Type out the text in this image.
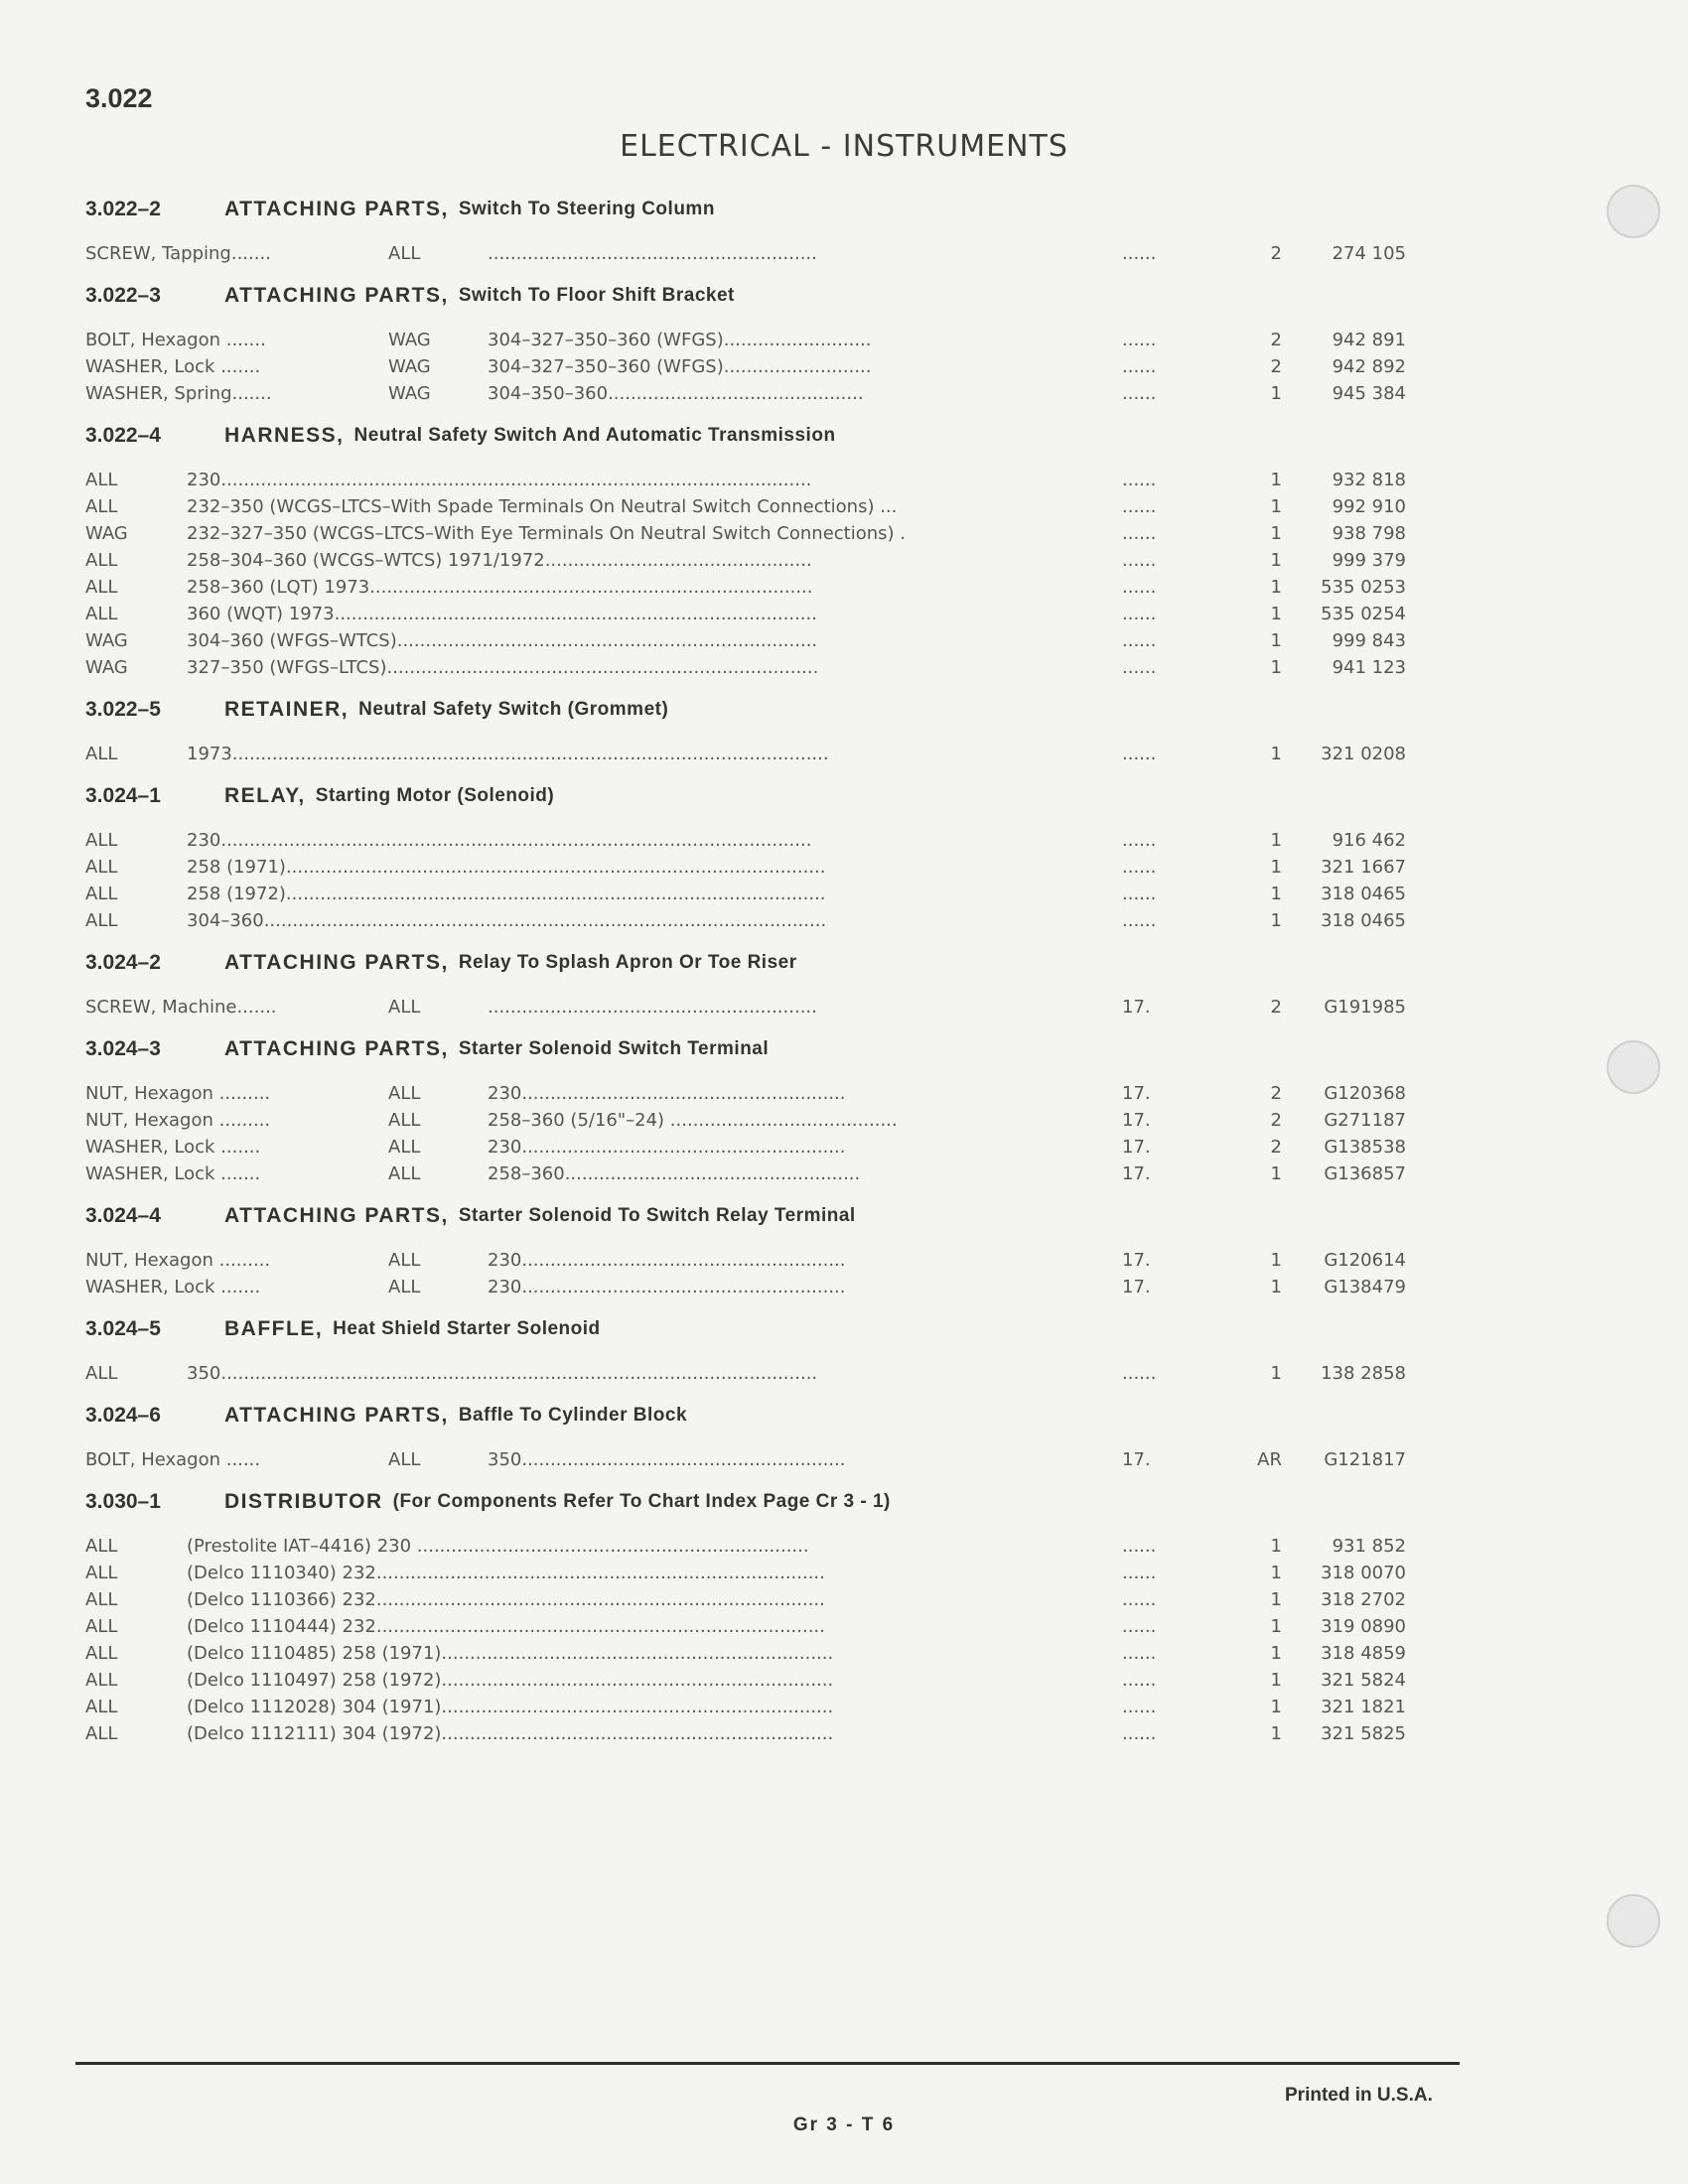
3.022
ELECTRICAL - INSTRUMENTS
3.022–2	ATTACHING PARTS, Switch To Steering Column
SCREW, Tapping.......	ALL	..........................................................	......	2	274 105
3.022–3	ATTACHING PARTS, Switch To Floor Shift Bracket
BOLT, Hexagon .......	WAG	304–327–350–360 (WFGS)..........................	......	2	942 891
WASHER, Lock .......	WAG	304–327–350–360 (WFGS)..........................	......	2	942 892
WASHER, Spring.......	WAG	304–350–360.............................................	......	1	945 384
3.022–4	HARNESS, Neutral Safety Switch And Automatic Transmission
ALL	230........................................................................................................	......	1	932 818
ALL	232–350 (WCGS–LTCS–With Spade Terminals On Neutral Switch Connections) ...	......	1	992 910
WAG	232–327–350 (WCGS–LTCS–With Eye Terminals On Neutral Switch Connections) .	......	1	938 798
ALL	258–304–360 (WCGS–WTCS) 1971/1972...............................................	......	1	999 379
ALL	258–360 (LQT) 1973..............................................................................	......	1	535 0253
ALL	360 (WQT) 1973.....................................................................................	......	1	535 0254
WAG	304–360 (WFGS–WTCS)..........................................................................	......	1	999 843
WAG	327–350 (WFGS–LTCS)............................................................................	......	1	941 123
3.022–5	RETAINER, Neutral Safety Switch (Grommet)
ALL	1973.........................................................................................................	......	1	321 0208
3.024–1	RELAY, Starting Motor (Solenoid)
ALL	230........................................................................................................	......	1	916 462
ALL	258 (1971)...............................................................................................	......	1	321 1667
ALL	258 (1972)...............................................................................................	......	1	318 0465
ALL	304–360...................................................................................................	......	1	318 0465
3.024–2	ATTACHING PARTS, Relay To Splash Apron Or Toe Riser
SCREW, Machine.......	ALL	..........................................................	17.	2	G191985
3.024–3	ATTACHING PARTS, Starter Solenoid Switch Terminal
NUT, Hexagon .........	ALL	230.........................................................	17.	2	G120368
NUT, Hexagon .........	ALL	258–360 (5/16"–24) ........................................	17.	2	G271187
WASHER, Lock .......	ALL	230.........................................................	17.	2	G138538
WASHER, Lock .......	ALL	258–360....................................................	17.	1	G136857
3.024–4	ATTACHING PARTS, Starter Solenoid To Switch Relay Terminal
NUT, Hexagon .........	ALL	230.........................................................	17.	1	G120614
WASHER, Lock .......	ALL	230.........................................................	17.	1	G138479
3.024–5	BAFFLE, Heat Shield Starter Solenoid
ALL	350.........................................................................................................	......	1	138 2858
3.024–6	ATTACHING PARTS, Baffle To Cylinder Block
BOLT, Hexagon ......	ALL	350.........................................................	17.	AR	G121817
3.030–1	DISTRIBUTOR (For Components Refer To Chart Index Page Cr 3 - 1)
ALL	(Prestolite IAT–4416) 230 .....................................................................	......	1	931 852
ALL	(Delco 1110340) 232...............................................................................	......	1	318 0070
ALL	(Delco 1110366) 232...............................................................................	......	1	318 2702
ALL	(Delco 1110444) 232...............................................................................	......	1	319 0890
ALL	(Delco 1110485) 258 (1971).....................................................................	......	1	318 4859
ALL	(Delco 1110497) 258 (1972).....................................................................	......	1	321 5824
ALL	(Delco 1112028) 304 (1971).....................................................................	......	1	321 1821
ALL	(Delco 1112111) 304 (1972).....................................................................	......	1	321 5825
Printed in U.S.A.
Gr 3 - T 6
